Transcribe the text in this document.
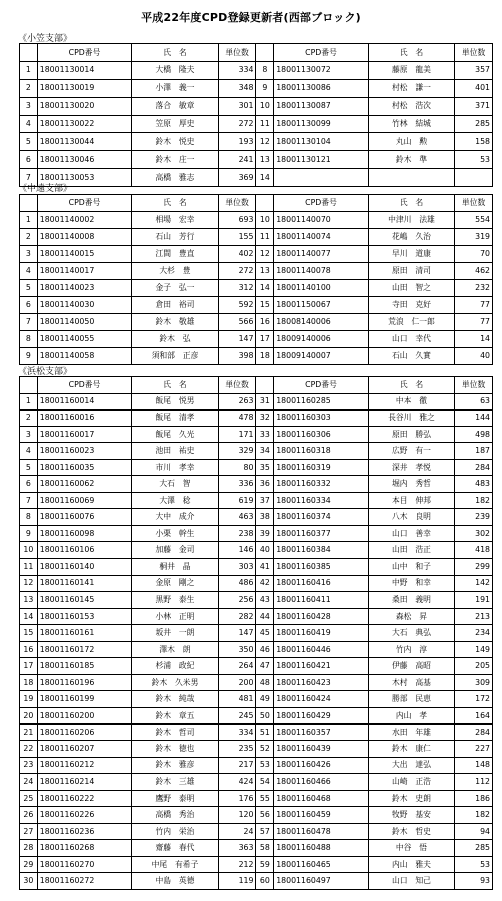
平成22年度CPD登録更新者(西部ブロック)
《小笠支部》
	CPD番号	氏　名	単位数		CPD番号	氏　名	単位数
1	18001130014	大橋　隆夫	334	8	18001130072	藤原　龍美	357
2	18001130019	小澤　義一	348	9	18001130086	村松　謙一	401
3	18001130020	落合　敏章	301	10	18001130087	村松　浩次	371
4	18001130022	笠原　厚史	272	11	18001130099	竹林　結城	285
5	18001130044	鈴木　悦史	193	12	18001130104	丸山　勲	158
6	18001130046	鈴木　庄一	241	13	18001130121	鈴木　準	53
7	18001130053	高橋　雅志	369	14			
《中遠支部》
	CPD番号	氏　名	単位数		CPD番号	氏　名	単位数
1	18001140002	相場　宏幸	693	10	18001140070	中津川　法雄	554
2	18001140008	石山　芳行	155	11	18001140074	花嶋　久治	319
3	18001140015	江間　豊直	402	12	18001140077	早川　道康	70
4	18001140017	大杉　豊	272	13	18001140078	原田　清司	462
5	18001140023	金子　弘一	312	14	18001140100	山田　智之	232
6	18001140030	倉田　裕司	592	15	18001150067	寺田　克好	77
7	18001140050	鈴木　敬雄	566	16	18008140006	荒浪　仁一郎	77
8	18001140055	鈴木　弘	147	17	18009140006	山口　幸代	14
9	18001140058	須和部　正彦	398	18	18009140007	石山　久實	40
《浜松支部》
	CPD番号	氏　名	単位数		CPD番号	氏　名	単位数
1	18001160014	飯尾　悦男	263	31	18001160285	中本　徹	63
2	18001160016	飯尾　清孝	478	32	18001160303	長谷川　雅之	144
3	18001160017	飯尾　久光	171	33	18001160306	原田　勝弘	498
4	18001160023	池田　祐史	329	34	18001160318	広野　有一	187
5	18001160035	市川　孝幸	80	35	18001160319	深井　孝悦	284
6	18001160062	大石　智	336	36	18001160332	堀内　秀哲	483
7	18001160069	大澤　稔	619	37	18001160334	本目　伸邦	182
8	18001160076	大中　成介	463	38	18001160374	八木　良明	239
9	18001160098	小栗　幹生	238	39	18001160377	山口　善幸	302
10	18001160106	加藤　金司	146	40	18001160384	山田　浩正	418
11	18001160140	桐井　晶	303	41	18001160385	山中　和子	299
12	18001160141	金原　剛之	486	42	18001160416	中野　和幸	142
13	18001160145	黒野　泰生	256	43	18001160411	桑田　義明	191
14	18001160153	小林　正明	282	44	18001160428	森松　昇	213
15	18001160161	坂井　一朗	147	45	18001160419	大石　典弘	234
16	18001160172	澤木　朗	350	46	18001160446	竹内　淳	149
17	18001160185	杉浦　政紀	264	47	18001160421	伊藤　高昭	205
18	18001160196	鈴木　久米男	200	48	18001160423	木村　高基	309
19	18001160199	鈴木　純哉	481	49	18001160424	勝部　民恵	172
20	18001160200	鈴木　章五	245	50	18001160429	内山　孝	164
21	18001160206	鈴木　哲司	334	51	18001160357	水田　年雄	284
22	18001160207	鈴木　徳也	235	52	18001160439	鈴木　康仁	227
23	18001160212	鈴木　雅彦	217	53	18001160426	大出　達弘	148
24	18001160214	鈴木　三雄	424	54	18001160466	山崎　正浩	112
25	18001160222	鷹野　泰明	176	55	18001160468	鈴木　史朗	186
26	18001160226	高橋　秀治	120	56	18001160459	牧野　基安	182
27	18001160236	竹内　栄治	24	57	18001160478	鈴木　哲史	94
28	18001160268	齋藤　春代	363	58	18001160488	中谷　悟	285
29	18001160270	中尾　有希子	212	59	18001160465	内山　雅夫	53
30	18001160272	中島　英德	119	60	18001160497	山口　知己	93
